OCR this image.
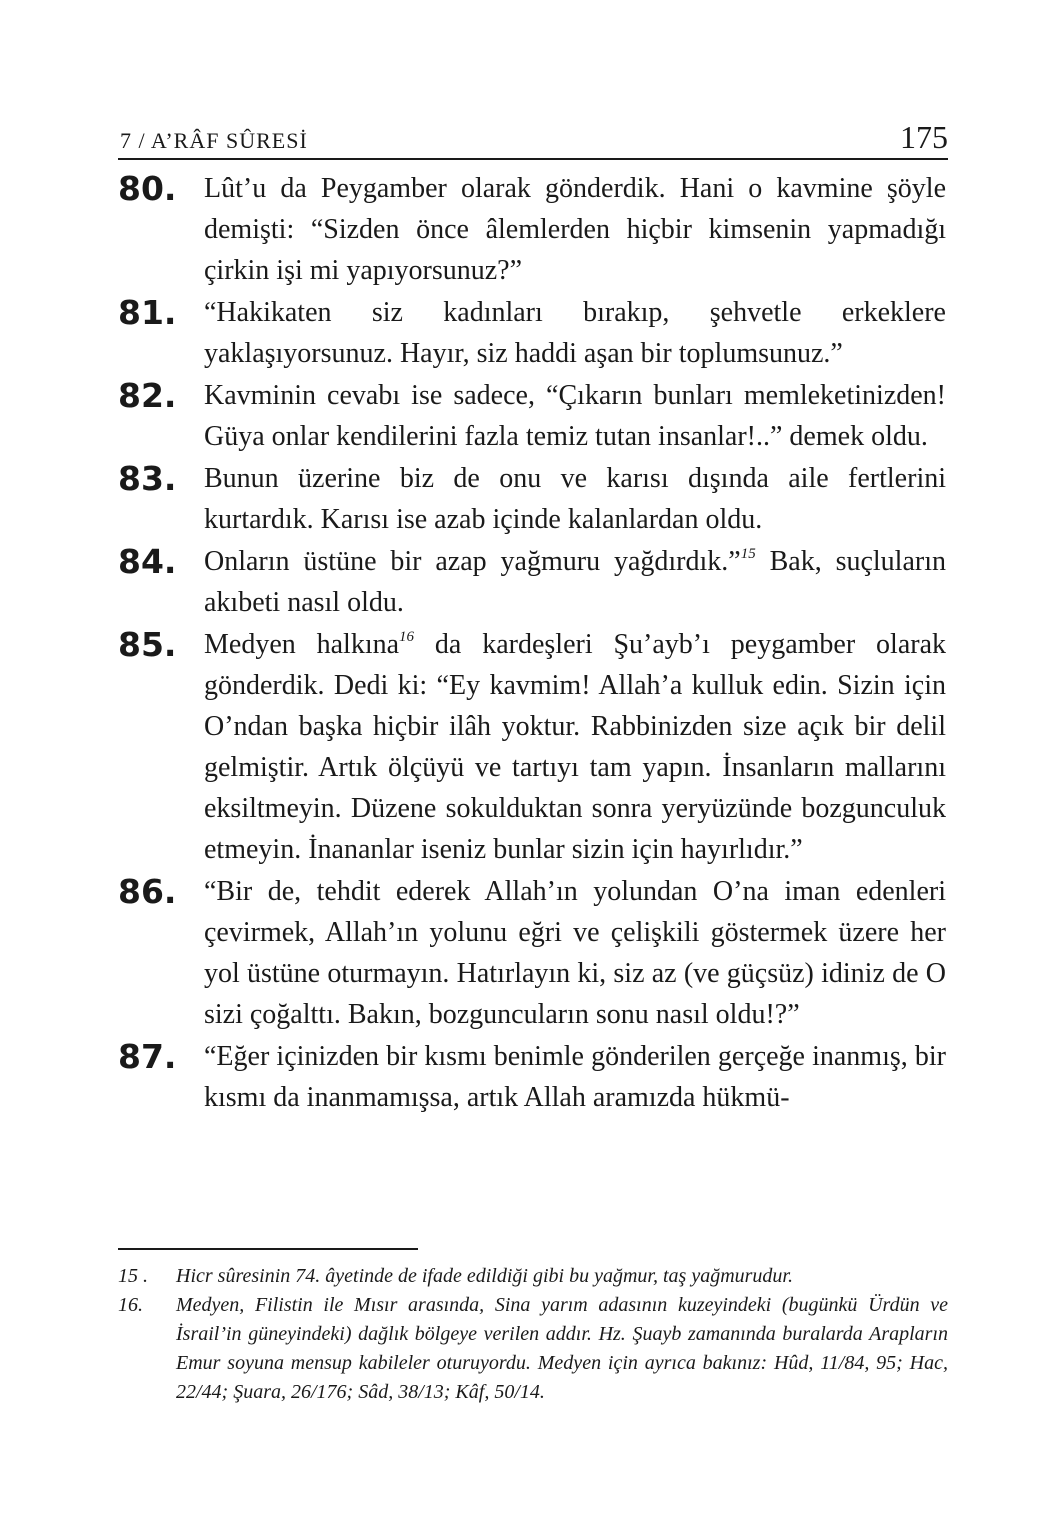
7 / A’RÂF SÛRESİ	175
80. Lût’u da Peygamber olarak gönderdik. Hani o kavmine şöyle demişti: “Sizden önce âlemlerden hiçbir kimsenin yapmadığı çirkin işi mi yapıyorsunuz?”
81. “Hakikaten siz kadınları bırakıp, şehvetle erkeklere yaklaşıyorsunuz. Hayır, siz haddi aşan bir toplumsunuz.”
82. Kavminin cevabı ise sadece, “Çıkarın bunları memleketinizden! Güya onlar kendilerini fazla temiz tutan insanlar!..” demek oldu.
83. Bunun üzerine biz de onu ve karısı dışında aile fertlerini kurtardık. Karısı ise azab içinde kalanlardan oldu.
84. Onların üstüne bir azap yağmuru yağdırdık.”$^{15}$ Bak, suçluların akıbeti nasıl oldu.
85. Medyen halkına$^{16}$ da kardeşleri Şu’ayb’ı peygamber olarak gönderdik. Dedi ki: “Ey kavmim! Allah’a kulluk edin. Sizin için O’ndan başka hiçbir ilâh yoktur. Rabbinizden size açık bir delil gelmiştir. Artık ölçüyü ve tartıyı tam yapın. İnsanların mallarını eksiltmeyin. Düzene sokulduktan sonra yeryüzünde bozgunculuk etmeyin. İnananlar iseniz bunlar sizin için hayırlıdır.”
86. “Bir de, tehdit ederek Allah’ın yolundan O’na iman edenleri çevirmek, Allah’ın yolunu eğri ve çelişkili göstermek üzere her yol üstüne oturmayın. Hatırlayın ki, siz az (ve güçsüz) idiniz de O sizi çoğalttı. Bakın, bozguncuların sonu nasıl oldu!?”
87. “Eğer içinizden bir kısmı benimle gönderilen gerçeğe inanmış, bir kısmı da inanmamışsa, artık Allah aramızda hükmü-
15 .	Hicr sûresinin 74. âyetinde de ifade edildiği gibi bu yağmur, taş yağmurudur.
16.	Medyen, Filistin ile Mısır arasında, Sina yarım adasının kuzeyindeki (bugünkü Ürdün ve İsrail’in güneyindeki) dağlık bölgeye verilen addır. Hz. Şuayb zamanında buralarda Arapların Emur soyuna mensup kabileler oturuyordu. Medyen için ayrıca bakınız: Hûd, 11/84, 95; Hac, 22/44; Şuara, 26/176; Sâd, 38/13; Kâf, 50/14.
